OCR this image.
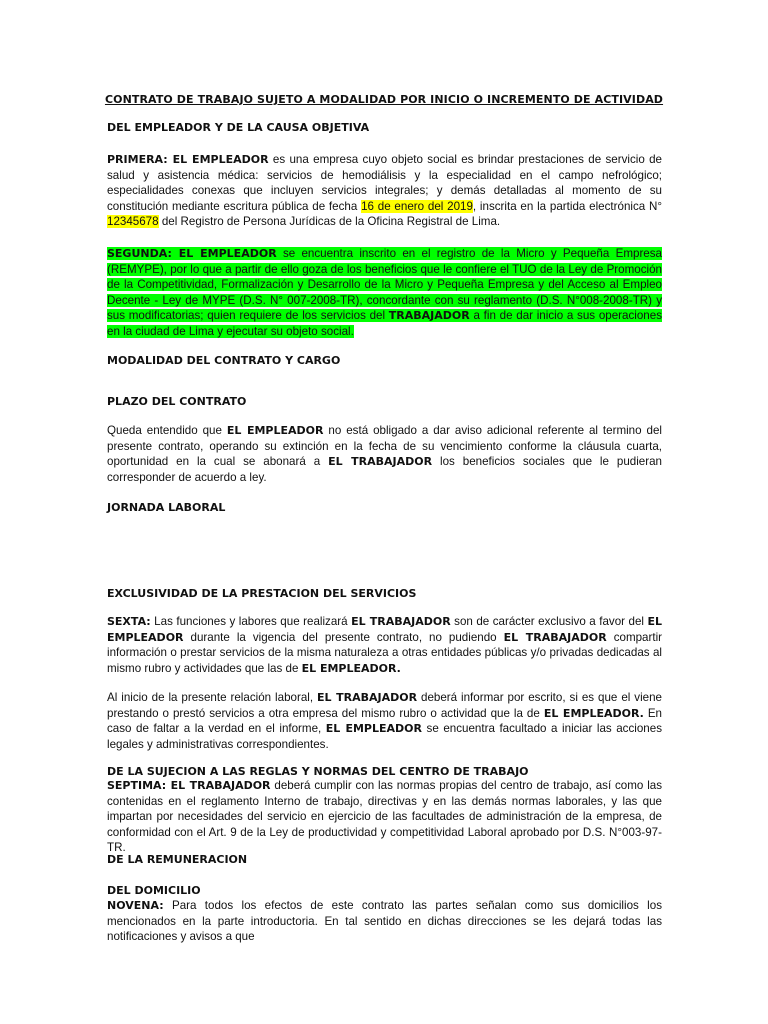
CONTRATO DE TRABAJO SUJETO A MODALIDAD POR INICIO O INCREMENTO DE ACTIVIDAD
DEL EMPLEADOR Y DE LA CAUSA OBJETIVA

PRIMERA: EL EMPLEADOR es una empresa cuyo objeto social es brindar prestaciones de servicio de salud y asistencia médica: servicios de hemodiálisis y la especialidad en el campo nefrológico; especialidades conexas que incluyen servicios integrales; y demás detalladas al momento de su constitución mediante escritura pública de fecha 16 de enero del 2019, inscrita en la partida electrónica N° 12345678 del Registro de Persona Jurídicas de la Oficina Registral de Lima.

SEGUNDA: EL EMPLEADOR se encuentra inscrito en el registro de la Micro y Pequeña Empresa (REMYPE), por lo que a partir de ello goza de los beneficios que le confiere el TUO de la Ley de Promoción de la Competitividad, Formalización y Desarrollo de la Micro y Pequeña Empresa y del Acceso al Empleo Decente - Ley de MYPE (D.S. N° 007-2008-TR), concordante con su reglamento (D.S. N°008-2008-TR) y sus modificatorias; quien requiere de los servicios del TRABAJADOR a fin de dar inicio a sus operaciones en la ciudad de Lima y ejecutar su objeto social.

MODALIDAD DEL CONTRATO Y CARGO
PLAZO DEL CONTRATO

Queda entendido que EL EMPLEADOR no está obligado a dar aviso adicional referente al termino del presente contrato, operando su extinción en la fecha de su vencimiento conforme la cláusula cuarta, oportunidad en la cual se abonará a EL TRABAJADOR los beneficios sociales que le pudieran corresponder de acuerdo a ley.

JORNADA LABORAL
EXCLUSIVIDAD DE LA PRESTACION DEL SERVICIOS

SEXTA: Las funciones y labores que realizará EL TRABAJADOR son de carácter exclusivo a favor del EL EMPLEADOR durante la vigencia del presente contrato, no pudiendo EL TRABAJADOR compartir información o prestar servicios de la misma naturaleza a otras entidades públicas y/o privadas dedicadas al mismo rubro y actividades que las de EL EMPLEADOR.

Al inicio de la presente relación laboral, EL TRABAJADOR deberá informar por escrito, si es que el viene prestando o prestó servicios a otra empresa del mismo rubro o actividad que la de EL EMPLEADOR. En caso de faltar a la verdad en el informe, EL EMPLEADOR se encuentra facultado a iniciar las acciones legales y administrativas correspondientes.

DE LA SUJECION A LAS REGLAS Y NORMAS DEL CENTRO DE TRABAJO

SEPTIMA: EL TRABAJADOR deberá cumplir con las normas propias del centro de trabajo, así como las contenidas en el reglamento Interno de trabajo, directivas y en las demás normas laborales, y las que impartan por necesidades del servicio en ejercicio de las facultades de administración de la empresa, de conformidad con el Art. 9 de la Ley de productividad y competitividad Laboral aprobado por D.S. N°003-97-TR.

DE LA REMUNERACION
DEL DOMICILIO

NOVENA: Para todos los efectos de este contrato las partes señalan como sus domicilios los mencionados en la parte introductoria. En tal sentido en dichas direcciones se les dejará todas las notificaciones y avisos a que
